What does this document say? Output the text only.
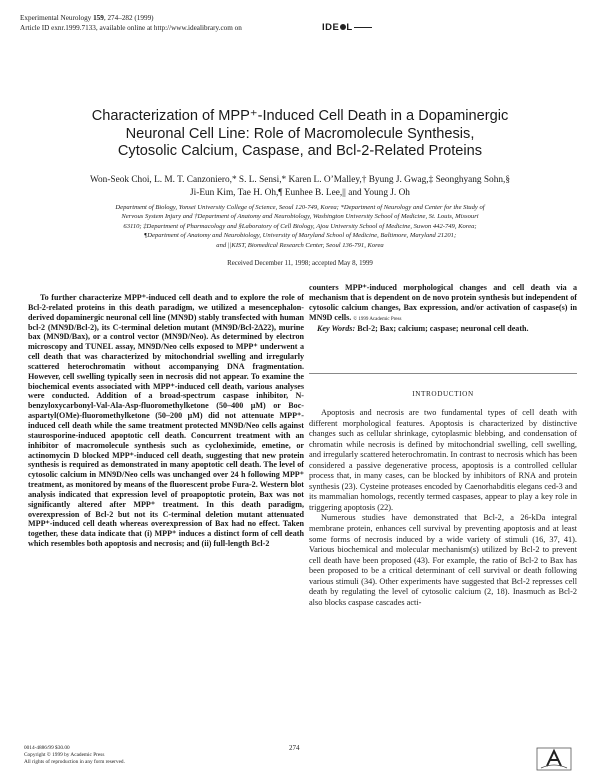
Experimental Neurology 159, 274–282 (1999)
Article ID exnr.1999.7133, available online at http://www.idealibrary.com on	IDE L
Characterization of MPP⁺-Induced Cell Death in a Dopaminergic
Neuronal Cell Line: Role of Macromolecule Synthesis,
Cytosolic Calcium, Caspase, and Bcl-2-Related Proteins
Won-Seok Choi, L. M. T. Canzoniero,* S. L. Sensi,* Karen L. O’Malley,† Byung J. Gwag,‡ Seonghyang Sohn,§
Ji-Eun Kim, Tae H. Oh,¶ Eunhee B. Lee,|| and Young J. Oh
Department of Biology, Yonsei University College of Science, Seoul 120-749, Korea; *Department of Neurology and Center for the Study of
Nervous System Injury and †Department of Anatomy and Neurobiology, Washington University School of Medicine, St. Louis, Missouri
63110; ‡Department of Pharmacology and §Laboratory of Cell Biology, Ajou University School of Medicine, Suwon 442-749, Korea;
¶Department of Anatomy and Neurobiology, University of Maryland School of Medicine, Baltimore, Maryland 21201;
and ||KIST, Biomedical Research Center, Seoul 136-791, Korea
Received December 11, 1998; accepted May 8, 1999
To further characterize MPP⁺-induced cell death and to explore the role of Bcl-2-related proteins in this death paradigm, we utilized a mesencephalon-derived dopaminergic neuronal cell line (MN9D) stably transfected with human bcl-2 (MN9D/Bcl-2), its C-terminal deletion mutant (MN9D/Bcl-2Δ22), murine bax (MN9D/Bax), or a control vector (MN9D/Neo). As determined by electron microscopy and TUNEL assay, MN9D/Neo cells exposed to MPP⁺ underwent a cell death that was characterized by mitochondrial swelling and irregularly scattered heterochromatin without accompanying DNA fragmentation. However, cell swelling typically seen in necrosis did not appear. To examine the biochemical events associated with MPP⁺-induced cell death, various analyses were conducted. Addition of a broad-spectrum caspase inhibitor, N-benzyloxycarbonyl-Val-Ala-Asp-fluoromethylketone (50–400 μM) or Boc-aspartyl(OMe)-fluoromethylketone (50–200 μM) did not attenuate MPP⁺-induced cell death while the same treatment protected MN9D/Neo cells against staurosporine-induced apoptotic cell death. Concurrent treatment with an inhibitor of macromolecule synthesis such as cycloheximide, emetine, or actinomycin D blocked MPP⁺-induced cell death, suggesting that new protein synthesis is required as demonstrated in many apoptotic cell death. The level of cytosolic calcium in MN9D/Neo cells was unchanged over 24 h following MPP⁺ treatment, as monitored by means of the fluorescent probe Fura-2. Western blot analysis indicated that expression level of proapoptotic protein, Bax was not significantly altered after MPP⁺ treatment. In this death paradigm, overexpression of Bcl-2 but not its C-terminal deletion mutant attenuated MPP⁺-induced cell death whereas overexpression of Bax had no effect. Taken together, these data indicate that (i) MPP⁺ induces a distinct form of cell death which resembles both apoptosis and necrosis; and (ii) full-length Bcl-2
counters MPP⁺-induced morphological changes and cell death via a mechanism that is dependent on de novo protein synthesis but independent of cytosolic calcium changes, Bax expression, and/or activation of caspase(s) in MN9D cells. © 1999 Academic Press
Key Words: Bcl-2; Bax; calcium; caspase; neuronal cell death.
INTRODUCTION

Apoptosis and necrosis are two fundamental types of cell death with different morphological features. Apoptosis is characterized by distinctive changes such as cellular shrinkage, cytoplasmic blebbing, and condensation of chromatin while necrosis is defined by mitochondrial swelling, cell swelling, and irregularly scattered heterochromatin. In contrast to necrosis which has been considered a passive degenerative process, apoptosis is a controlled cellular process that, in many cases, can be blocked by inhibitors of RNA and protein synthesis (23). Cysteine proteases encoded by Caenorhabditis elegans ced-3 and its mammalian homologs, recently termed caspases, appear to play a key role in triggering apoptosis (22).

Numerous studies have demonstrated that Bcl-2, a 26-kDa integral membrane protein, enhances cell survival by preventing apoptosis and at least some forms of necrosis induced by a wide variety of stimuli (16, 37, 41). Various biochemical and molecular mechanism(s) utilized by Bcl-2 to prevent cell death have been proposed (43). For example, the ratio of Bcl-2 to Bax has been proposed to be a critical determinant of cell survival or death following various stimuli (34). Other experiments have suggested that Bcl-2 represses cell death by regulating the level of cytosolic calcium (2, 18). Inasmuch as Bcl-2 also blocks caspase cascades acti-

0014-4886/99 $30.00
Copyright © 1999 by Academic Press
All rights of reproduction in any form reserved.
274
